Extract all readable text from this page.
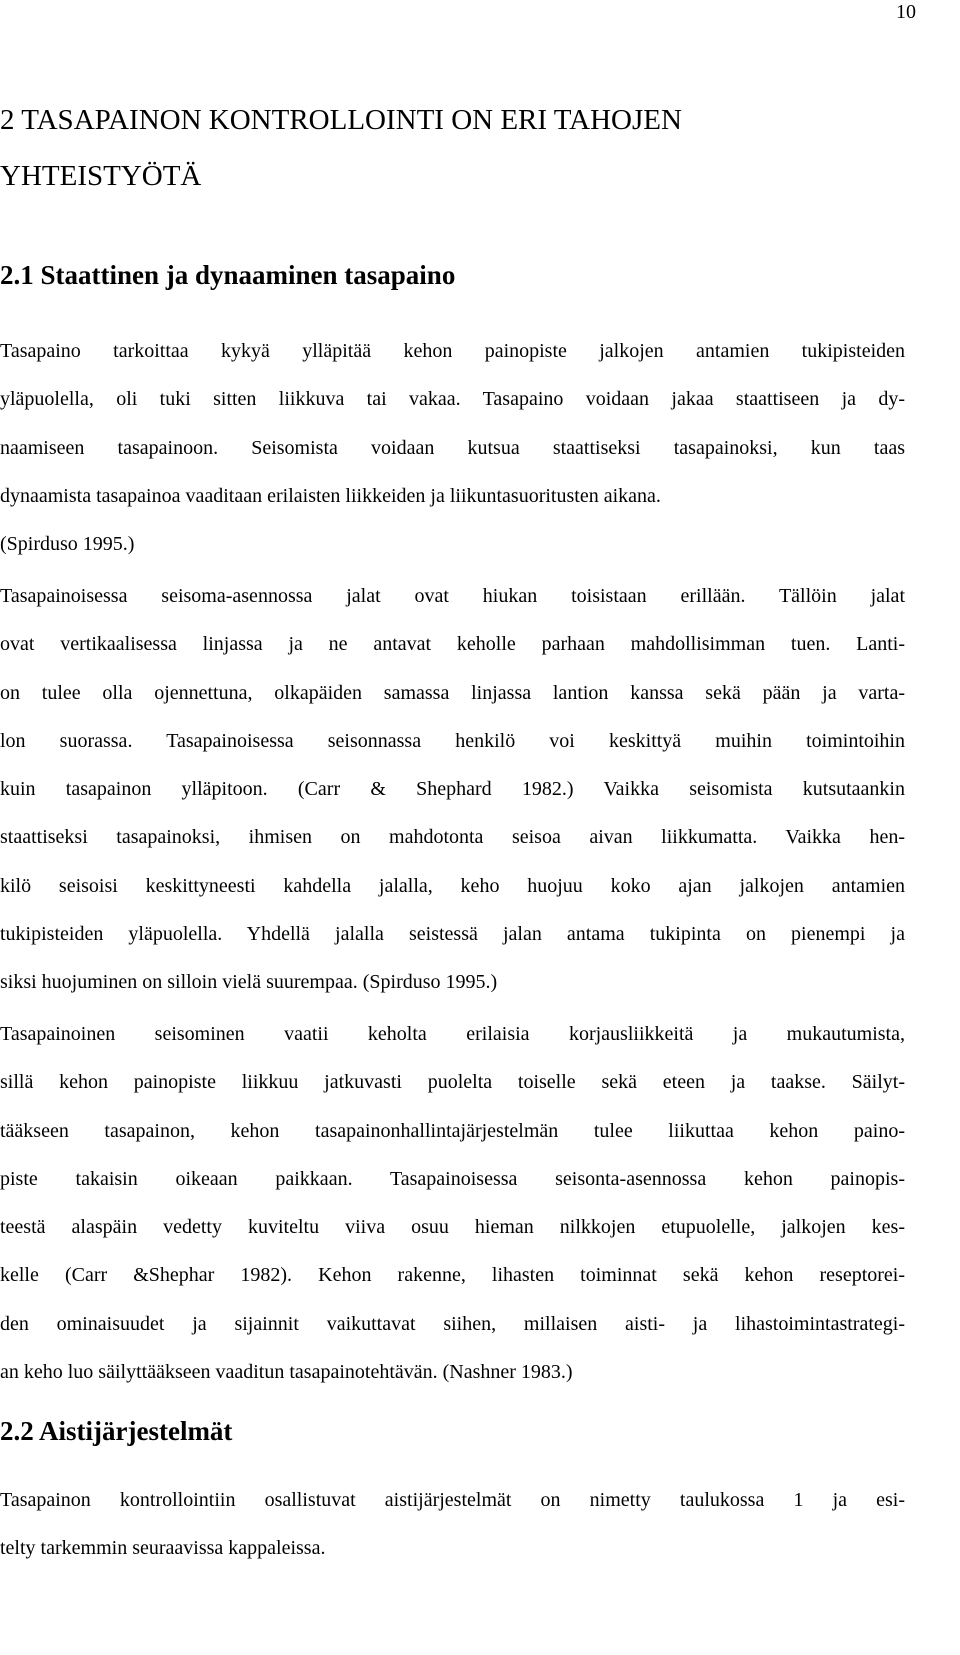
10
2 TASAPAINON KONTROLLOINTI ON ERI TAHOJEN
YHTEISTYÖTÄ
2.1 Staattinen ja dynaaminen tasapaino

Tasapaino tarkoittaa kykyä ylläpitää kehon painopiste jalkojen antamien tukipisteiden
yläpuolella, oli tuki sitten liikkuva tai vakaa. Tasapaino voidaan jakaa staattiseen ja dy-
naamiseen tasapainoon. Seisomista voidaan kutsua staattiseksi tasapainoksi, kun taas
dynaamista tasapainoa vaaditaan erilaisten liikkeiden ja liikuntasuoritusten aikana.
(Spirduso 1995.)

Tasapainoisessa seisoma-asennossa jalat ovat hiukan toisistaan erillään. Tällöin jalat
ovat vertikaalisessa linjassa ja ne antavat keholle parhaan mahdollisimman tuen. Lanti-
on tulee olla ojennettuna, olkapäiden samassa linjassa lantion kanssa sekä pään ja varta-
lon suorassa. Tasapainoisessa seisonnassa henkilö voi keskittyä muihin toimintoihin
kuin tasapainon ylläpitoon. (Carr & Shephard 1982.) Vaikka seisomista kutsutaankin
staattiseksi tasapainoksi, ihmisen on mahdotonta seisoa aivan liikkumatta. Vaikka hen-
kilö seisoisi keskittyneesti kahdella jalalla, keho huojuu koko ajan jalkojen antamien
tukipisteiden yläpuolella. Yhdellä jalalla seistessä jalan antama tukipinta on pienempi ja
siksi huojuminen on silloin vielä suurempaa. (Spirduso 1995.)

Tasapainoinen seisominen vaatii keholta erilaisia korjausliikkeitä ja mukautumista,
sillä kehon painopiste liikkuu jatkuvasti puolelta toiselle sekä eteen ja taakse. Säilyt-
tääkseen tasapainon, kehon tasapainonhallintajärjestelmän tulee liikuttaa kehon paino-
piste takaisin oikeaan paikkaan. Tasapainoisessa seisonta-asennossa kehon painopis-
teestä alaspäin vedetty kuviteltu viiva osuu hieman nilkkojen etupuolelle, jalkojen kes-
kelle (Carr &Shephar 1982). Kehon rakenne, lihasten toiminnat sekä kehon reseptorei-
den ominaisuudet ja sijainnit vaikuttavat siihen, millaisen aisti- ja lihastoimintastrategi-
an keho luo säilyttääkseen vaaditun tasapainotehtävän. (Nashner 1983.)

2.2 Aistijärjestelmät

Tasapainon kontrollointiin osallistuvat aistijärjestelmät on nimetty taulukossa 1 ja esi-
telty tarkemmin seuraavissa kappaleissa.
